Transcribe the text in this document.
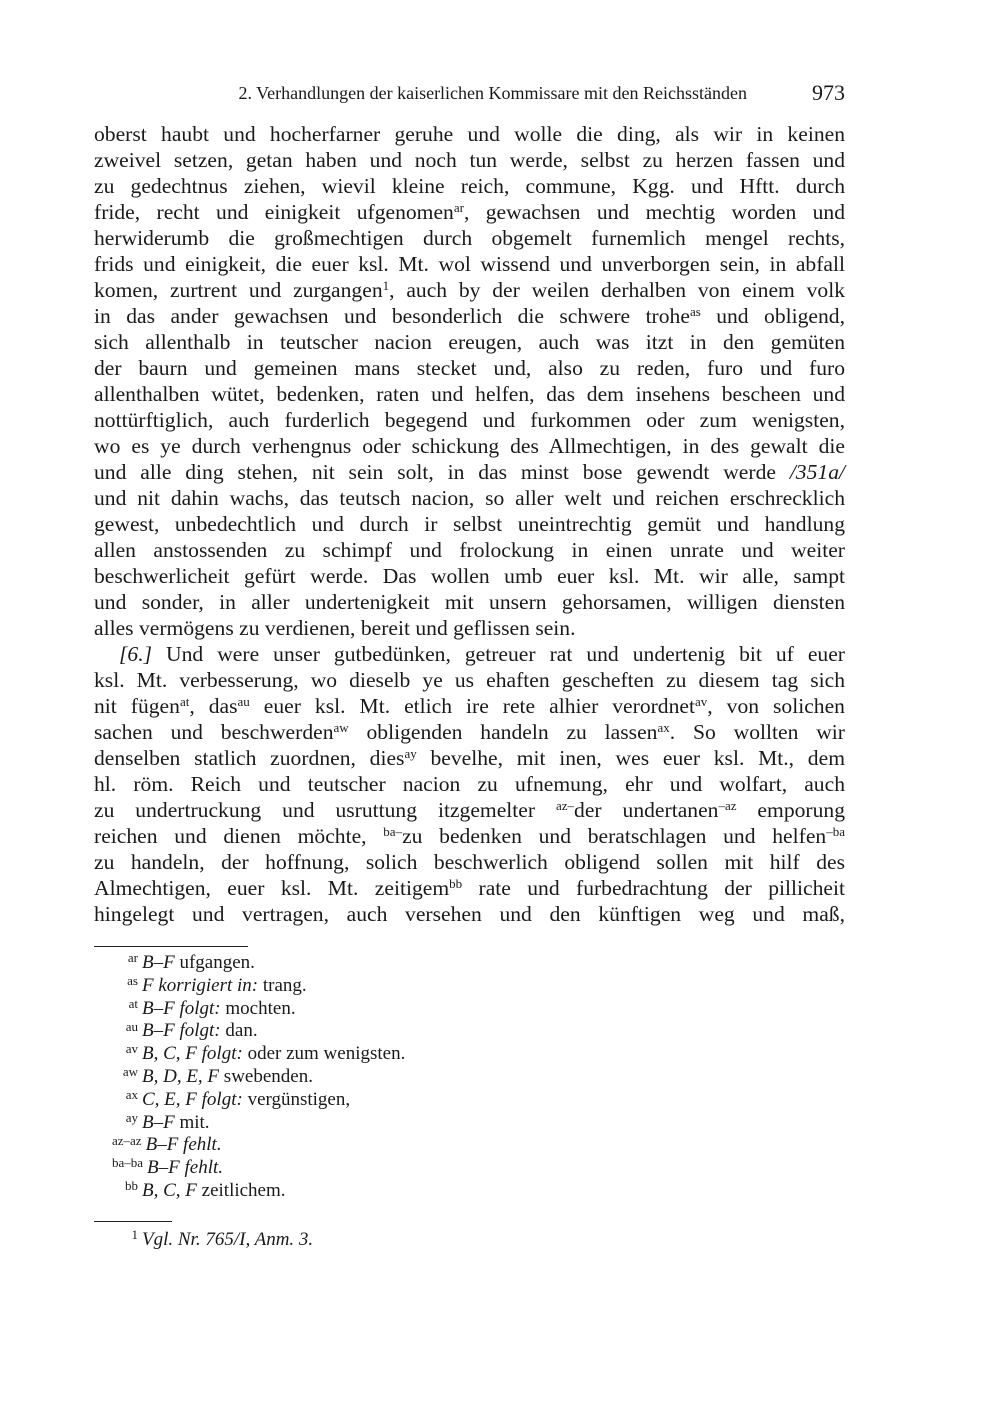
2. Verhandlungen der kaiserlichen Kommissare mit den Reichsständen	973
oberst haubt und hocherfarner geruhe und wolle die ding, als wir in keinen
zweivel setzen, getan haben und noch tun werde, selbst zu herzen fassen und
zu gedechtnus ziehen, wievil kleine reich, commune, Kgg. und Hftt. durch
fride, recht und einigkeit ufgenomen$^{ar}$, gewachsen und mechtig worden und
herwiderumb die großmechtigen durch obgemelt furnemlich mengel rechts,
frids und einigkeit, die euer ksl. Mt. wol wissend und unverborgen sein, in abfall
komen, zurtrent und zurgangen$^1$, auch by der weilen derhalben von einem volk
in das ander gewachsen und besonderlich die schwere trohe$^{as}$ und obligend,
sich allenthalb in teutscher nacion ereugen, auch was itzt in den gemüten
der baurn und gemeinen mans stecket und, also zu reden, furo und furo
allenthalben wütet, bedenken, raten und helfen, das dem insehens bescheen und
nottürftiglich, auch furderlich begegend und furkommen oder zum wenigsten,
wo es ye durch verhengnus oder schickung des Allmechtigen, in des gewalt die
und alle ding stehen, nit sein solt, in das minst bose gewendt werde /351a/
und nit dahin wachs, das teutsch nacion, so aller welt und reichen erschrecklich
gewest, unbedechtlich und durch ir selbst uneintrechtig gemüt und handlung
allen anstossenden zu schimpf und frolockung in einen unrate und weiter
beschwerlicheit gefürt werde. Das wollen umb euer ksl. Mt. wir alle, sampt
und sonder, in aller undertenigkeit mit unsern gehorsamen, willigen diensten
alles vermögens zu verdienen, bereit und geflissen sein.
[6.] Und were unser gutbedünken, getreuer rat und undertenig bit uf euer
ksl. Mt. verbesserung, wo dieselb ye us ehaften gescheften zu diesem tag sich
nit fügen$^{at}$, das$^{au}$ euer ksl. Mt. etlich ire rete alhier verordnet$^{av}$, von solichen
sachen und beschwerden$^{aw}$ obligenden handeln zu lassen$^{ax}$. So wollten wir
denselben statlich zuordnen, dies$^{ay}$ bevelhe, mit inen, wes euer ksl. Mt., dem
hl. röm. Reich und teutscher nacion zu ufnemung, ehr und wolfart, auch
zu undertruckung und usruttung itzgemelter $^{az-}$der undertanen$^{-az}$ emporung
reichen und dienen möchte, $^{ba-}$zu bedenken und beratschlagen und helfen$^{-ba}$
zu handeln, der hoffnung, solich beschwerlich obligend sollen mit hilf des
Almechtigen, euer ksl. Mt. zeitigem$^{bb}$ rate und furbedrachtung der pillicheit
hingelegt und vertragen, auch versehen und den künftigen weg und maß,
ar B–F ufgangen.
as F korrigiert in: trang.
at B–F folgt: mochten.
au B–F folgt: dan.
av B, C, F folgt: oder zum wenigsten.
aw B, D, E, F swebenden.
ax C, E, F folgt: vergünstigen,
ay B–F mit.
az–az B–F fehlt.
ba–ba B–F fehlt.
bb B, C, F zeitlichem.
1 Vgl. Nr. 765/I, Anm. 3.
